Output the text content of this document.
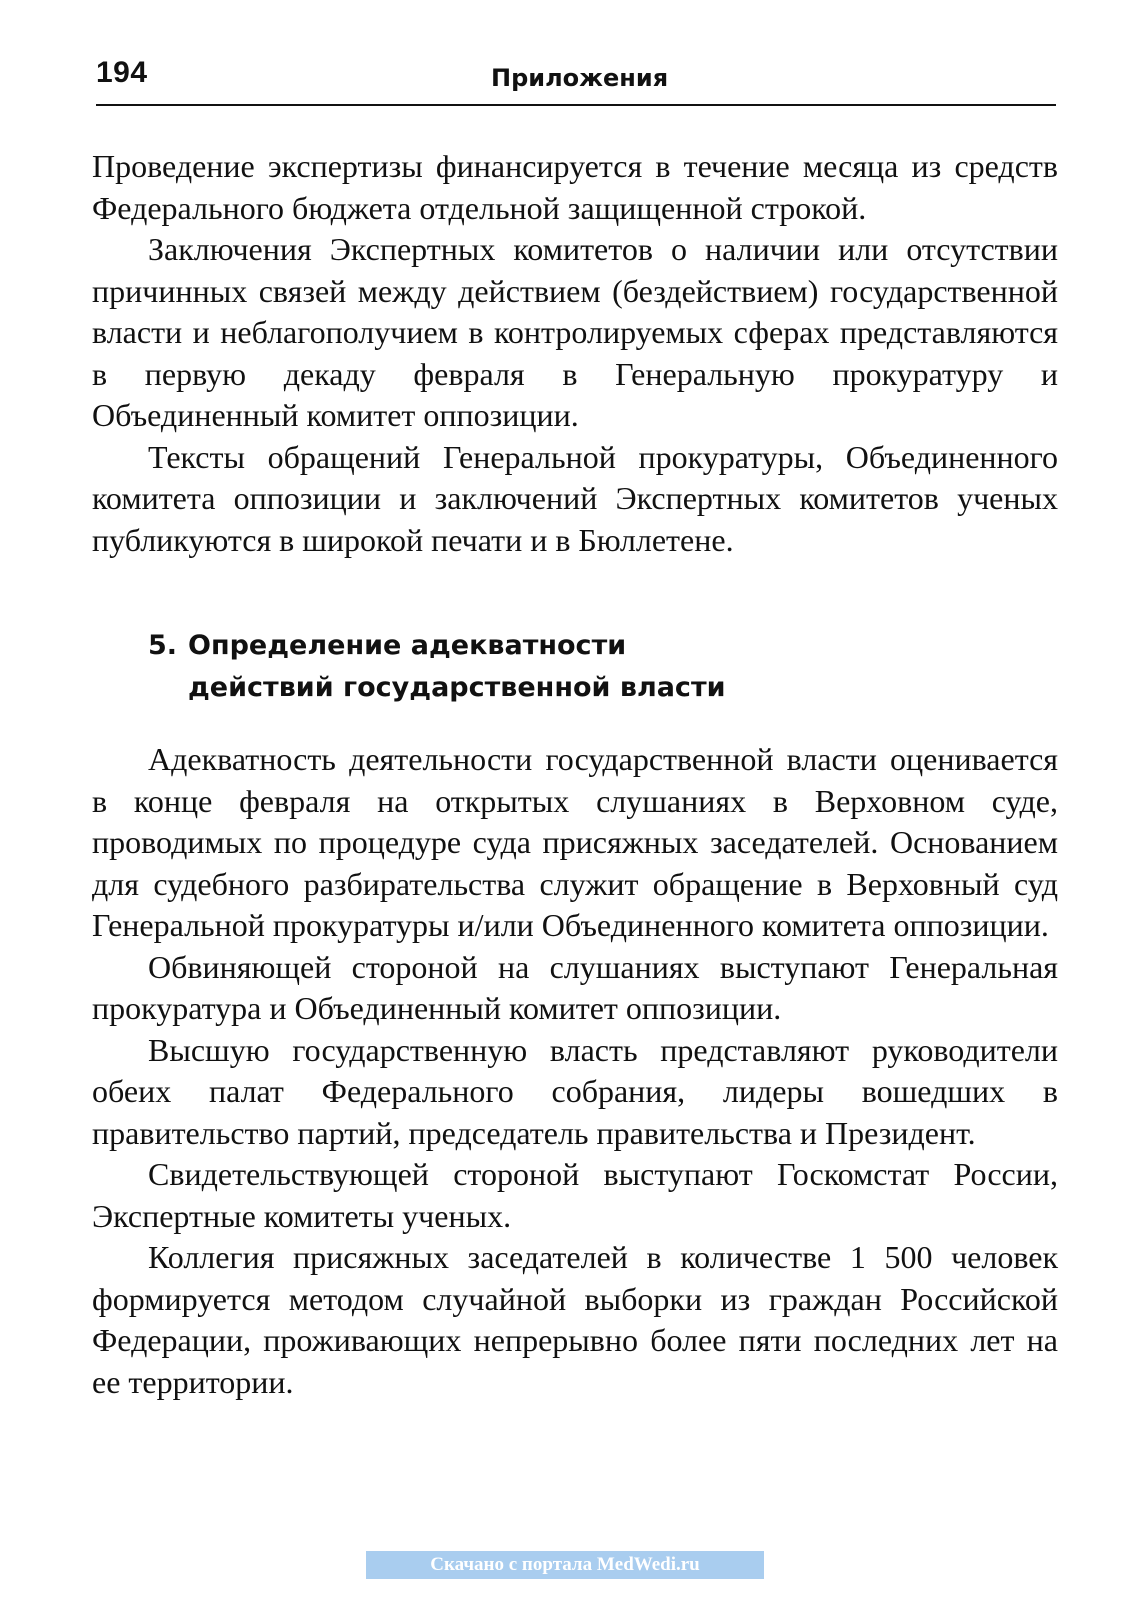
194	Приложения

Проведение экспертизы финансируется в течение месяца из средств Федерального бюджета отдельной защищенной строкой.

Заключения Экспертных комитетов о наличии или отсутствии причинных связей между действием (бездействием) государственной власти и неблагополучием в контролируемых сферах представляются в первую декаду февраля в Генеральную прокуратуру и Объединенный комитет оппозиции.

Тексты обращений Генеральной прокуратуры, Объединенного комитета оппозиции и заключений Экспертных комитетов ученых публикуются в широкой печати и в Бюллетене.

5. Определение адекватности действий государственной власти

Адекватность деятельности государственной власти оценивается в конце февраля на открытых слушаниях в Верховном суде, проводимых по процедуре суда присяжных заседателей. Основанием для судебного разбирательства служит обращение в Верховный суд Генеральной прокуратуры и/или Объединенного комитета оппозиции.

Обвиняющей стороной на слушаниях выступают Генеральная прокуратура и Объединенный комитет оппозиции.

Высшую государственную власть представляют руководители обеих палат Федерального собрания, лидеры вошедших в правительство партий, председатель правительства и Президент.

Свидетельствующей стороной выступают Госкомстат России, Экспертные комитеты ученых.

Коллегия присяжных заседателей в количестве 1 500 человек формируется методом случайной выборки из граждан Российской Федерации, проживающих непрерывно более пяти последних лет на ее территории.

Скачано с портала MedWedi.ru
